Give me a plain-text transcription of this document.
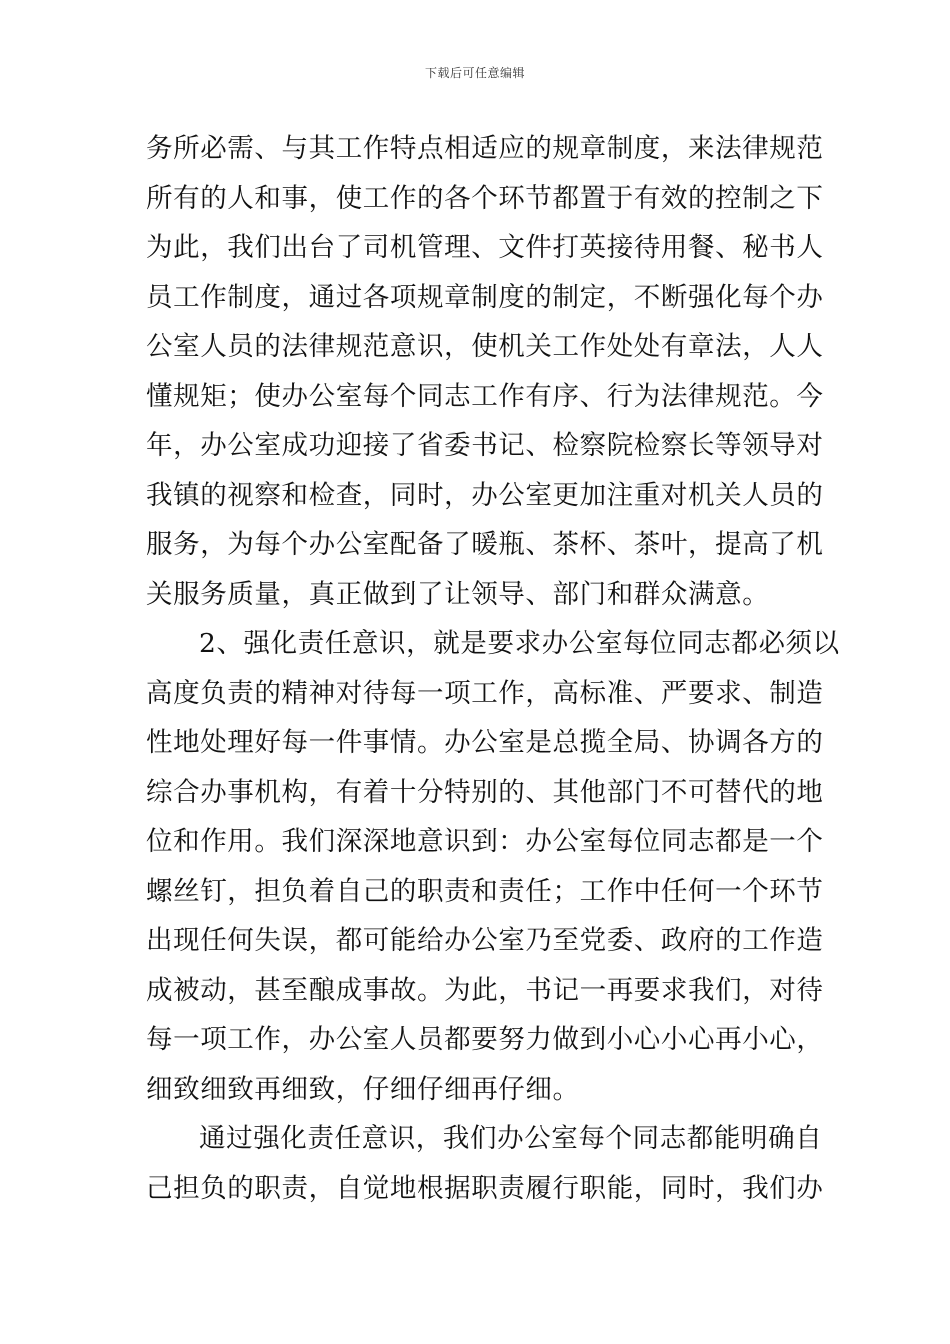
下载后可任意编辑
务所必需、与其工作特点相适应的规章制度，来法律规范
所有的人和事，使工作的各个环节都置于有效的控制之下
为此，我们出台了司机管理、文件打英接待用餐、秘书人
员工作制度，通过各项规章制度的制定，不断强化每个办
公室人员的法律规范意识，使机关工作处处有章法，人人
懂规矩；使办公室每个同志工作有序、行为法律规范。今
年，办公室成功迎接了省委书记、检察院检察长等领导对
我镇的视察和检查，同时，办公室更加注重对机关人员的
服务，为每个办公室配备了暖瓶、茶杯、茶叶，提高了机
关服务质量，真正做到了让领导、部门和群众满意。
2、强化责任意识，就是要求办公室每位同志都必须以
高度负责的精神对待每一项工作，高标准、严要求、制造
性地处理好每一件事情。办公室是总揽全局、协调各方的
综合办事机构，有着十分特别的、其他部门不可替代的地
位和作用。我们深深地意识到：办公室每位同志都是一个
螺丝钉，担负着自己的职责和责任；工作中任何一个环节
出现任何失误，都可能给办公室乃至党委、政府的工作造
成被动，甚至酿成事故。为此，书记一再要求我们，对待
每一项工作，办公室人员都要努力做到小心小心再小心，
细致细致再细致，仔细仔细再仔细。
通过强化责任意识，我们办公室每个同志都能明确自
己担负的职责，自觉地根据职责履行职能，同时，我们办
